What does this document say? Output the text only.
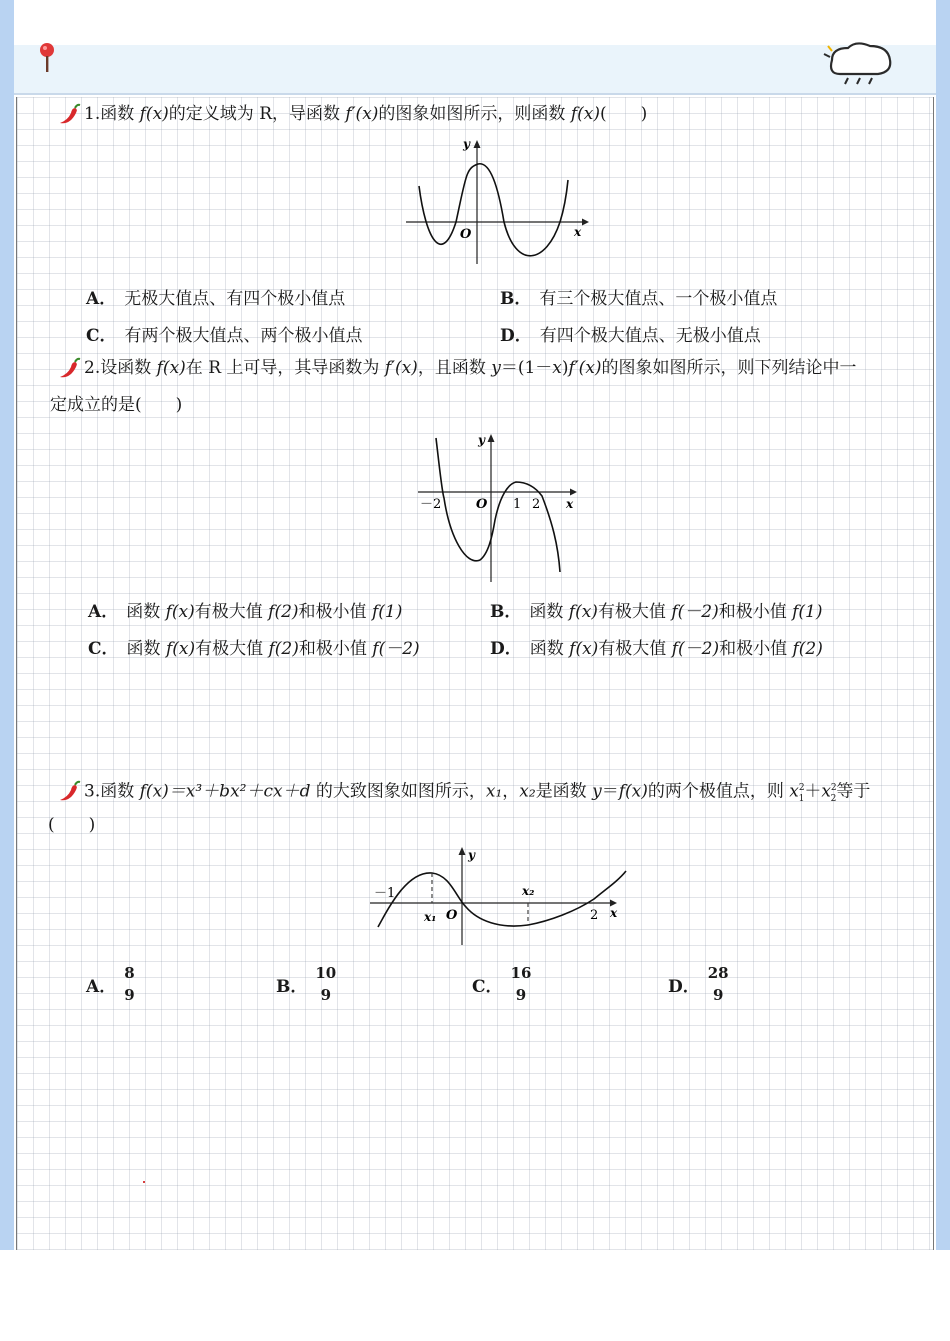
1.函数 f(x)的定义域为 R，导函数 f′(x)的图象如图所示，则函数 f(x)( )
y
x
O
A． 无极大值点、有四个极小值点	B． 有三个极大值点、一个极小值点
C． 有两个极大值点、两个极小值点	D． 有四个极大值点、无极小值点
2.设函数 f(x)在 R 上可导，其导函数为 f′(x)，且函数 y＝(1－x)f′(x)的图象如图所示，则下列结论中一
定成立的是( )
y
x
O
－2	1 2
A． 函数 f(x)有极大值 f(2)和极小值 f(1)	B． 函数 f(x)有极大值 f(－2)和极小值 f(1)
C． 函数 f(x)有极大值 f(2)和极小值 f(－2)	D． 函数 f(x)有极大值 f(－2)和极小值 f(2)
3.函数 f(x)＝x³＋bx²＋cx＋d 的大致图象如图所示，x₁，x₂是函数 y＝f(x)的两个极值点，则 $x^2_1+x^2_2$等于
( )
y
x
O
－1
2
x₁
x₂
A．
8
9	B．
10
9	C．
16
9	D．
28
9
